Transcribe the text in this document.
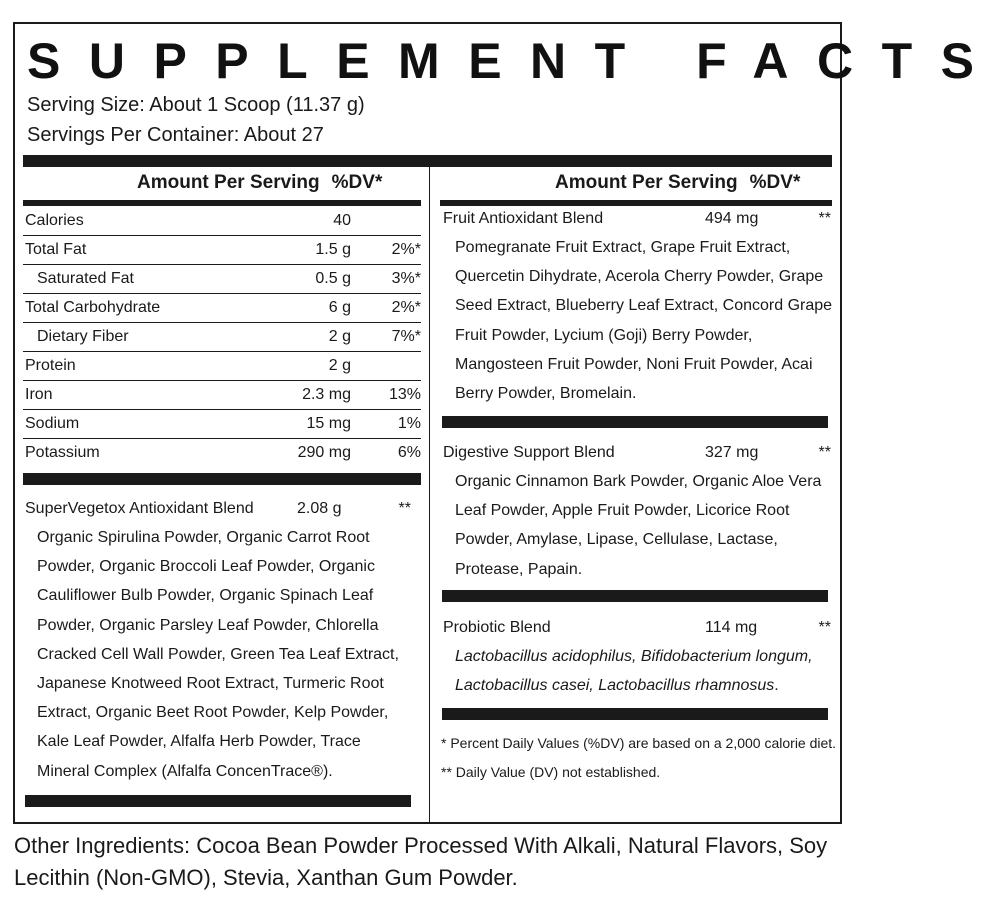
SUPPLEMENT FACTS
Serving Size: About 1 Scoop (11.37 g)
Servings Per Container: About 27
Amount Per Serving %DV*	Amount Per Serving %DV*
Calories	40
Total Fat	1.5 g	2%*
Saturated Fat	0.5 g	3%*
Total Carbohydrate	6 g	2%*
Dietary Fiber	2 g	7%*
Protein	2 g
Iron	2.3 mg 13%
Sodium	15 mg	1%
Potassium	290 mg	6%
SuperVegetox Antioxidant Blend	2.08 g	**
Organic Spirulina Powder, Organic Carrot Root Powder, Organic Broccoli Leaf Powder, Organic Cauliflower Bulb Powder, Organic Spinach Leaf Powder, Organic Parsley Leaf Powder, Chlorella Cracked Cell Wall Powder, Green Tea Leaf Extract, Japanese Knotweed Root Extract, Turmeric Root Extract, Organic Beet Root Powder, Kelp Powder, Kale Leaf Powder, Alfalfa Herb Powder, Trace Mineral Complex (Alfalfa ConcenTrace®).
Fruit Antioxidant Blend	494 mg	**
Pomegranate Fruit Extract, Grape Fruit Extract, Quercetin Dihydrate, Acerola Cherry Powder, Grape Seed Extract, Blueberry Leaf Extract, Concord Grape Fruit Powder, Lycium (Goji) Berry Powder, Mangosteen Fruit Powder, Noni Fruit Powder, Acai Berry Powder, Bromelain.
Digestive Support Blend	327 mg	**
Organic Cinnamon Bark Powder, Organic Aloe Vera Leaf Powder, Apple Fruit Powder, Licorice Root Powder, Amylase, Lipase, Cellulase, Lactase, Protease, Papain.
Probiotic Blend	114 mg	**
Lactobacillus acidophilus, Bifidobacterium longum, Lactobacillus casei, Lactobacillus rhamnosus.
* Percent Daily Values (%DV) are based on a 2,000 calorie diet.
** Daily Value (DV) not established.
Other Ingredients: Cocoa Bean Powder Processed With Alkali, Natural Flavors, Soy Lecithin (Non-GMO), Stevia, Xanthan Gum Powder.
